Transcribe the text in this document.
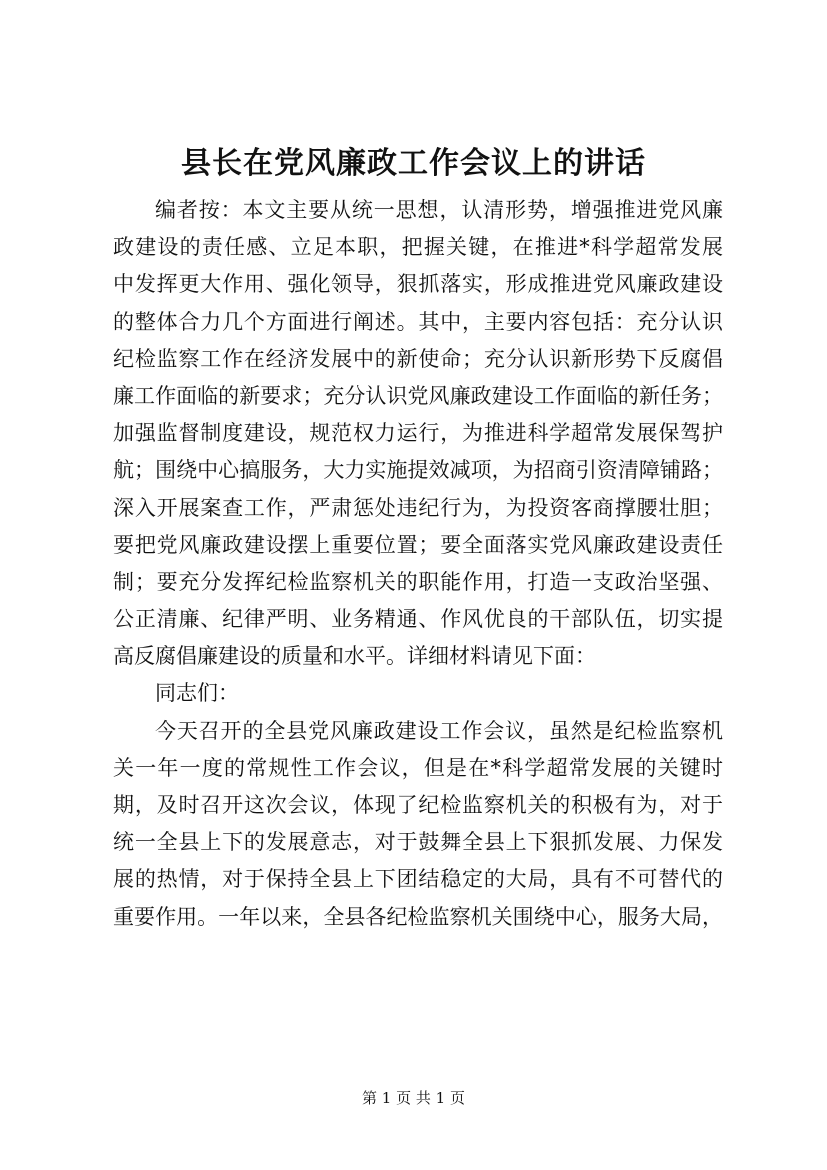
县长在党风廉政工作会议上的讲话
编者按：本文主要从统一思想，认清形势，增强推进党风廉
政建设的责任感、立足本职，把握关键，在推进*科学超常发展
中发挥更大作用、强化领导，狠抓落实，形成推进党风廉政建设
的整体合力几个方面进行阐述。其中，主要内容包括：充分认识
纪检监察工作在经济发展中的新使命；充分认识新形势下反腐倡
廉工作面临的新要求；充分认识党风廉政建设工作面临的新任务；
加强监督制度建设，规范权力运行，为推进科学超常发展保驾护
航；围绕中心搞服务，大力实施提效减项，为招商引资清障铺路；
深入开展案查工作，严肃惩处违纪行为，为投资客商撑腰壮胆；
要把党风廉政建设摆上重要位置；要全面落实党风廉政建设责任
制；要充分发挥纪检监察机关的职能作用，打造一支政治坚强、
公正清廉、纪律严明、业务精通、作风优良的干部队伍，切实提
高反腐倡廉建设的质量和水平。详细材料请见下面：
同志们：
今天召开的全县党风廉政建设工作会议，虽然是纪检监察机
关一年一度的常规性工作会议，但是在*科学超常发展的关键时
期，及时召开这次会议，体现了纪检监察机关的积极有为，对于
统一全县上下的发展意志，对于鼓舞全县上下狠抓发展、力保发
展的热情，对于保持全县上下团结稳定的大局，具有不可替代的
重要作用。一年以来，全县各纪检监察机关围绕中心，服务大局，
第 1 页 共 1 页
